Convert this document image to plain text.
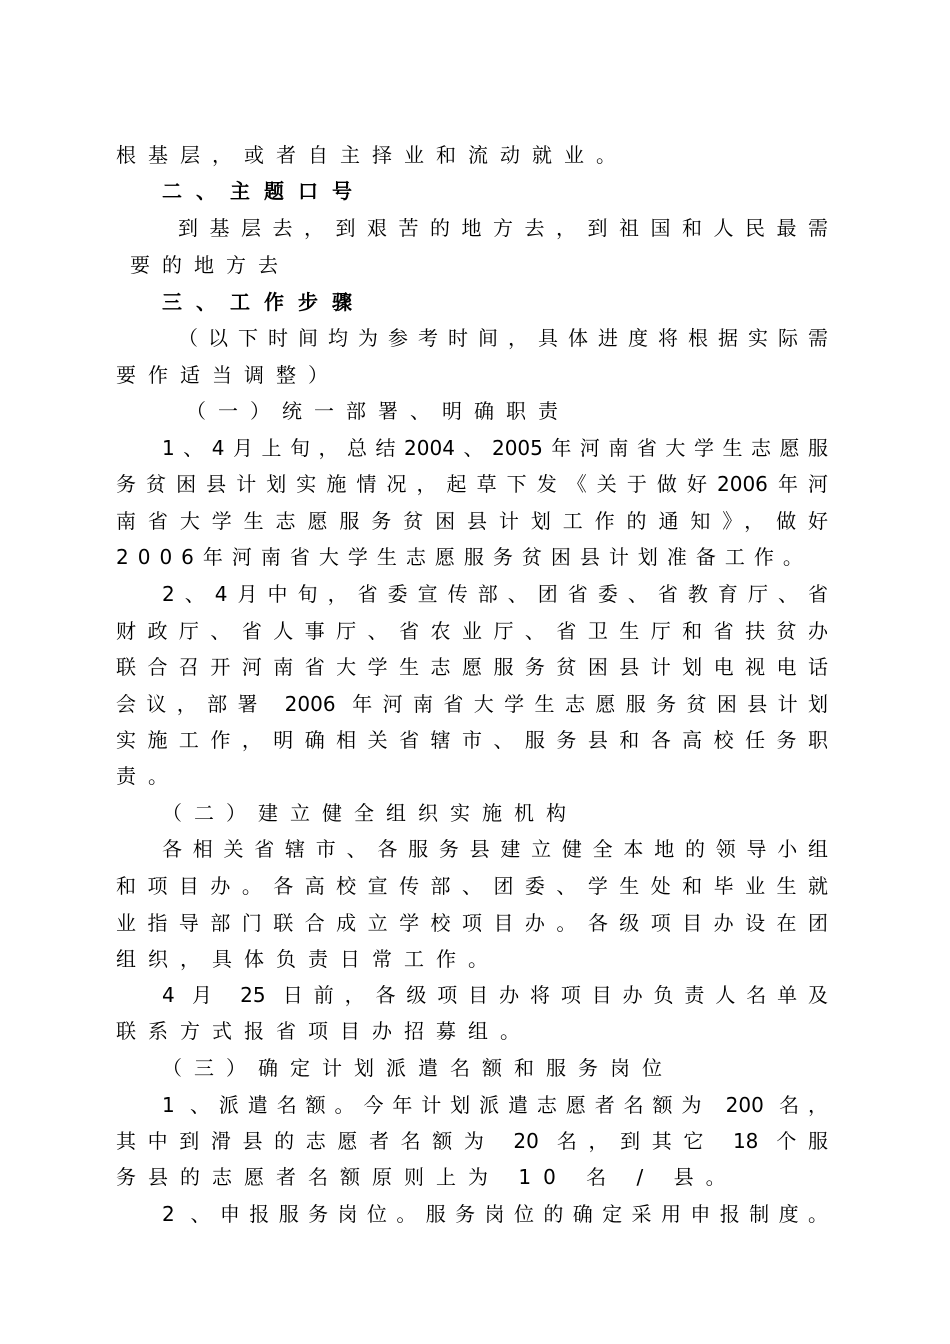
根基层，或者自主择业和流动就业。
二、主题口号
到基层去，到艰苦的地方去，到祖国和人民最需
要的地方去
三、工作步骤
（以下时间均为参考时间，具体进度将根据实际需
要作适当调整）
（一）统一部署、明确职责
1、4月上旬，总结2004、2005年河南省大学生志愿服
务贫困县计划实施情况，起草下发《关于做好2006年河
南省大学生志愿服务贫困县计划工作的通知》，做好
2006年河南省大学生志愿服务贫困县计划准备工作。
2、4月中旬，省委宣传部、团省委、省教育厅、省
财政厅、省人事厅、省农业厅、省卫生厅和省扶贫办
联合召开河南省大学生志愿服务贫困县计划电视电话
会议，部署 2006 年河南省大学生志愿服务贫困县计划
实施工作，明确相关省辖市、服务县和各高校任务职
责。
（二）建立健全组织实施机构
各相关省辖市、各服务县建立健全本地的领导小组
和项目办。各高校宣传部、团委、学生处和毕业生就
业指导部门联合成立学校项目办。各级项目办设在团
组织，具体负责日常工作。
4 月 25 日前，各级项目办将项目办负责人名单及
联系方式报省项目办招募组。
（三）确定计划派遣名额和服务岗位
1 、派遣名额。今年计划派遣志愿者名额为 200 名，
其中到滑县的志愿者名额为 20 名，到其它 18 个服
务县的志愿者名额原则上为 10 名 / 县。
2 、申报服务岗位。服务岗位的确定采用申报制度。
